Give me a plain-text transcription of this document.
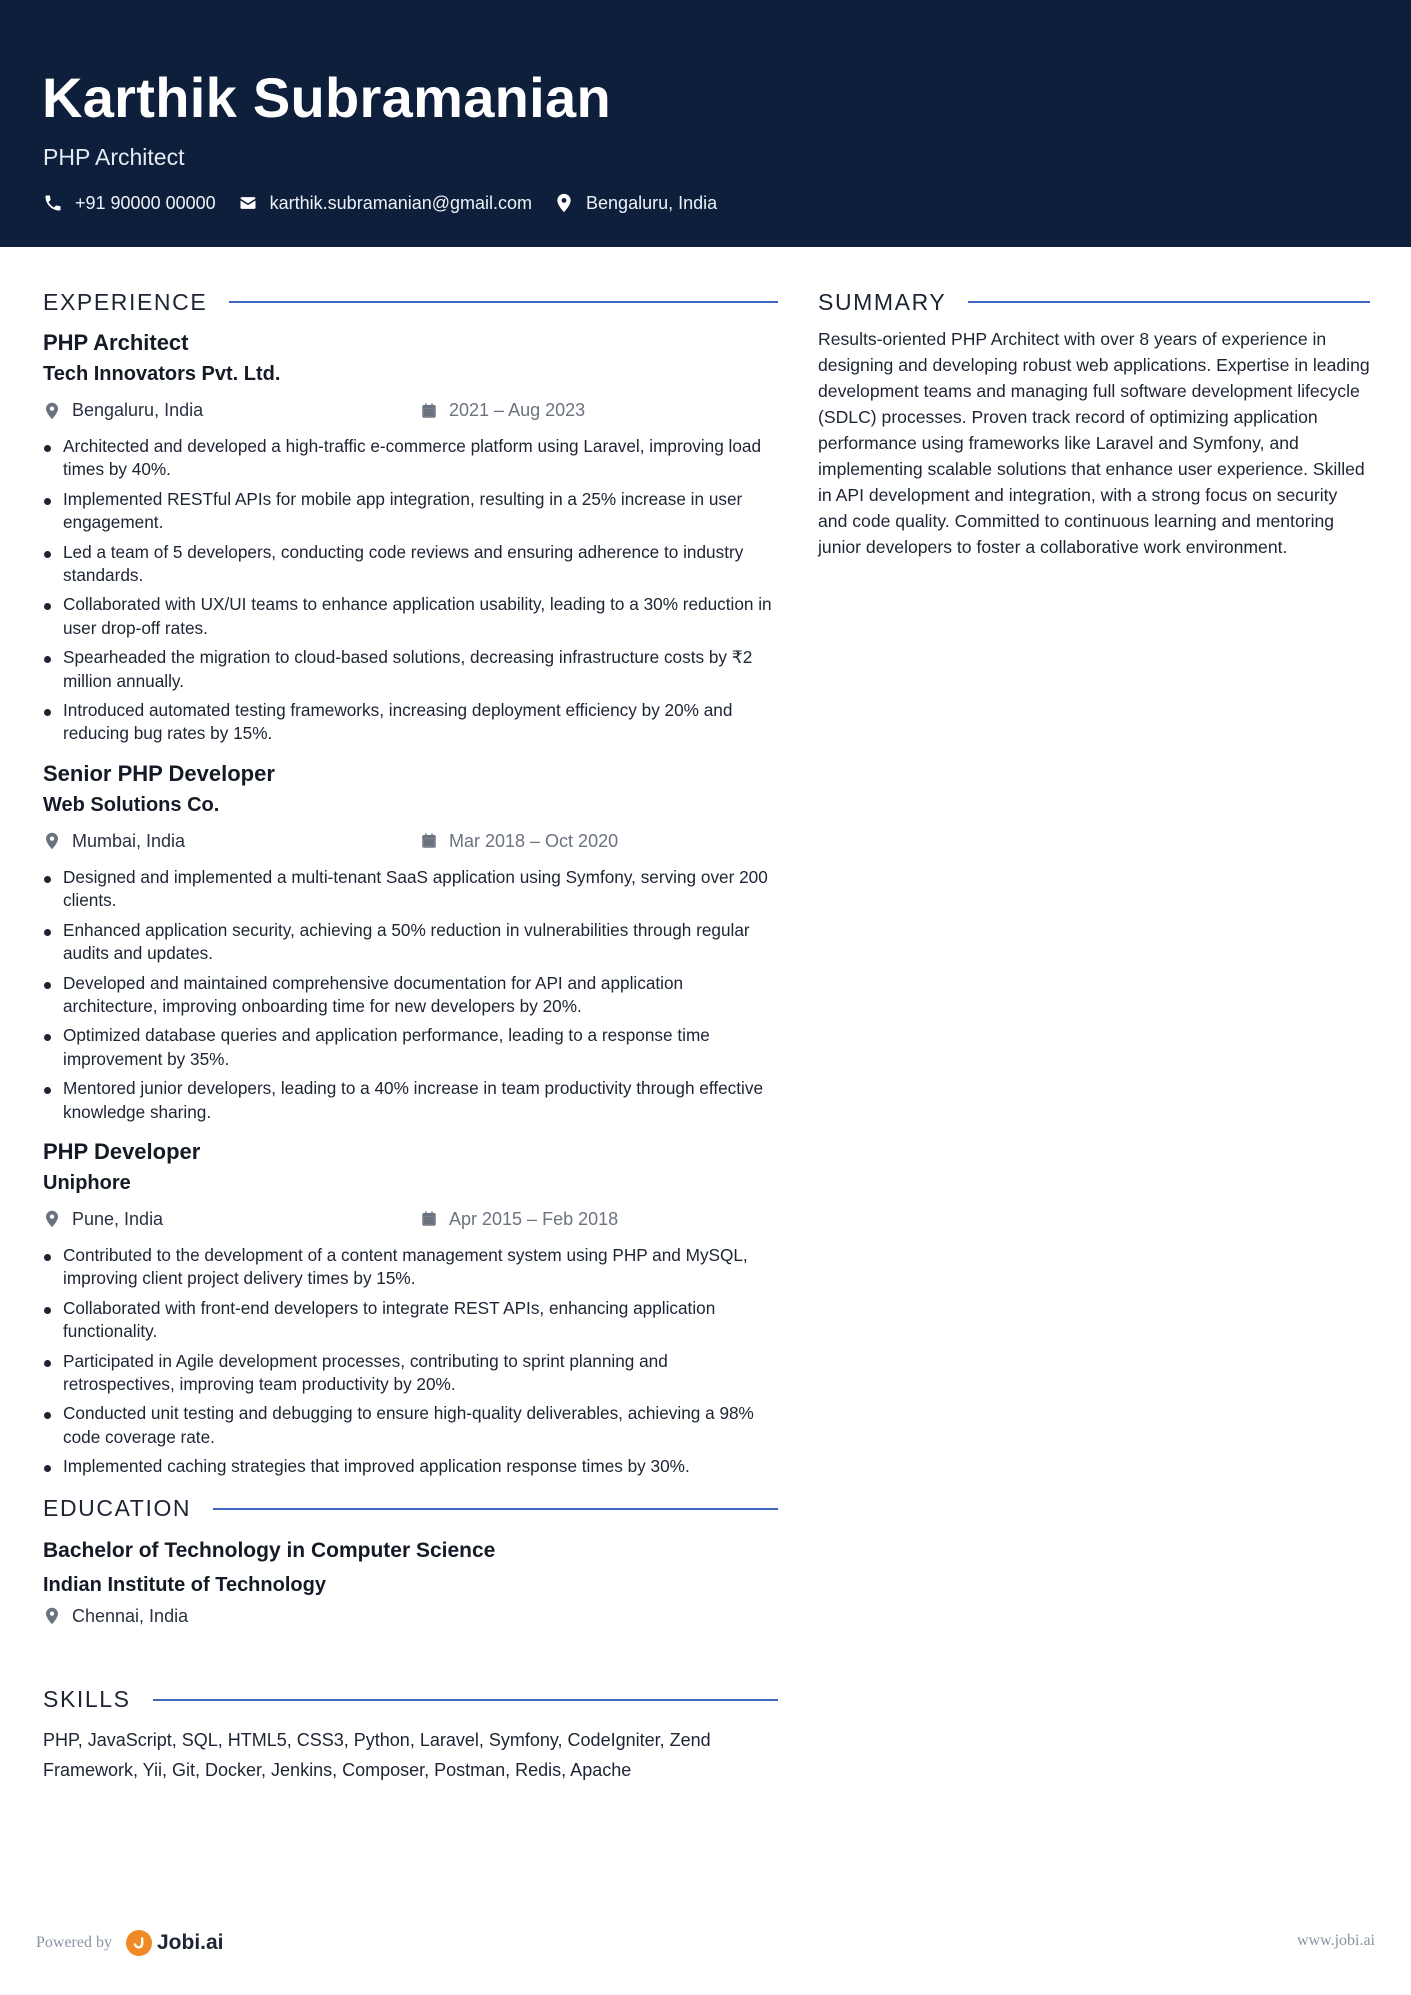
Karthik Subramanian
PHP Architect
+91 90000 00000	karthik.subramanian@gmail.com	Bengaluru, India
EXPERIENCE
PHP Architect
Tech Innovators Pvt. Ltd.
Bengaluru, India	2021 – Aug 2023
Architected and developed a high-traffic e-commerce platform using Laravel, improving load times by 40%.
Implemented RESTful APIs for mobile app integration, resulting in a 25% increase in user engagement.
Led a team of 5 developers, conducting code reviews and ensuring adherence to industry standards.
Collaborated with UX/UI teams to enhance application usability, leading to a 30% reduction in user drop-off rates.
Spearheaded the migration to cloud-based solutions, decreasing infrastructure costs by ₹2 million annually.
Introduced automated testing frameworks, increasing deployment efficiency by 20% and reducing bug rates by 15%.
Senior PHP Developer
Web Solutions Co.
Mumbai, India	Mar 2018 – Oct 2020
Designed and implemented a multi-tenant SaaS application using Symfony, serving over 200 clients.
Enhanced application security, achieving a 50% reduction in vulnerabilities through regular audits and updates.
Developed and maintained comprehensive documentation for API and application architecture, improving onboarding time for new developers by 20%.
Optimized database queries and application performance, leading to a response time improvement by 35%.
Mentored junior developers, leading to a 40% increase in team productivity through effective knowledge sharing.
PHP Developer
Uniphore
Pune, India	Apr 2015 – Feb 2018
Contributed to the development of a content management system using PHP and MySQL, improving client project delivery times by 15%.
Collaborated with front-end developers to integrate REST APIs, enhancing application functionality.
Participated in Agile development processes, contributing to sprint planning and retrospectives, improving team productivity by 20%.
Conducted unit testing and debugging to ensure high-quality deliverables, achieving a 98% code coverage rate.
Implemented caching strategies that improved application response times by 30%.
EDUCATION
Bachelor of Technology in Computer Science
Indian Institute of Technology
Chennai, India
SKILLS
PHP, JavaScript, SQL, HTML5, CSS3, Python, Laravel, Symfony, CodeIgniter, Zend Framework, Yii, Git, Docker, Jenkins, Composer, Postman, Redis, Apache
SUMMARY
Results-oriented PHP Architect with over 8 years of experience in designing and developing robust web applications. Expertise in leading development teams and managing full software development lifecycle (SDLC) processes. Proven track record of optimizing application performance using frameworks like Laravel and Symfony, and implementing scalable solutions that enhance user experience. Skilled in API development and integration, with a strong focus on security and code quality. Committed to continuous learning and mentoring junior developers to foster a collaborative work environment.
Powered by Jobi.ai	www.jobi.ai
